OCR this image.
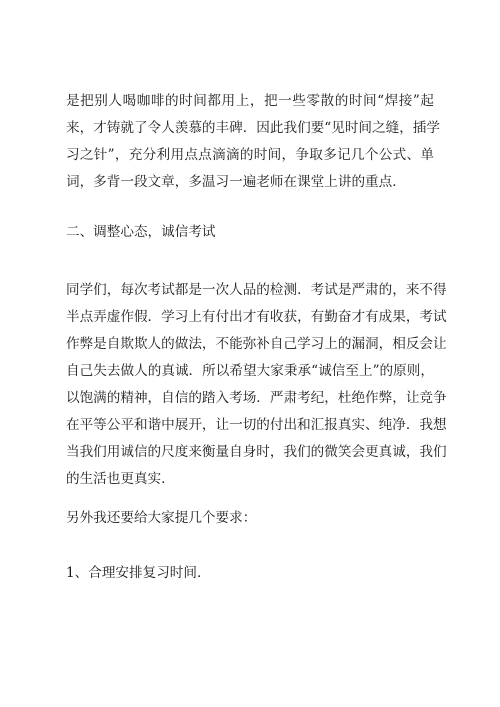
是把别人喝咖啡的时间都用上，把一些零散的时间“焊接”起
来，才铸就了令人羡慕的丰碑．因此我们要“见时间之缝，插学
习之针”，充分利用点点滴滴的时间，争取多记几个公式、单
词，多背一段文章，多温习一遍老师在课堂上讲的重点．
二、调整心态，诚信考试
同学们，每次考试都是一次人品的检测．考试是严肃的，来不得
半点弄虚作假．学习上有付出才有收获，有勤奋才有成果，考试
作弊是自欺欺人的做法，不能弥补自己学习上的漏洞，相反会让
自己失去做人的真诚．所以希望大家秉承“诚信至上”的原则，
以饱满的精神，自信的踏入考场．严肃考纪，杜绝作弊，让竞争
在平等公平和谐中展开，让一切的付出和汇报真实、纯净．我想
当我们用诚信的尺度来衡量自身时，我们的微笑会更真诚，我们
的生活也更真实．
另外我还要给大家提几个要求：
1、合理安排复习时间．
